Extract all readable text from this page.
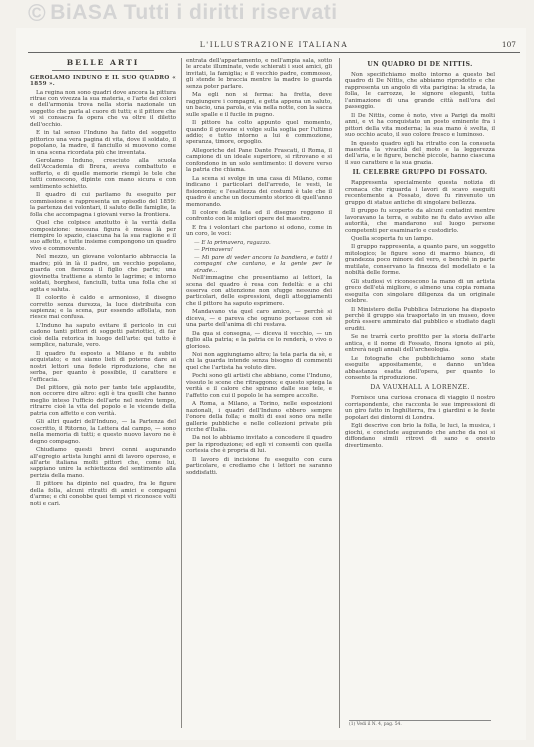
© BiASA Tutti i diritti riservati
L'ILLUSTRAZIONE ITALIANA	107
BELLE ARTI
GEROLAMO INDUNO E IL SUO QUADRO « 1859 ».
La regina non sono quadri dove ancora la pittura ritrae con vivezza la sua materia, e l'arte dei colori e dell'armonia trova nella storia nazionale un soggetto che parla al cuore di tutti; e il pittore che vi si consacra fa opera che va oltre il diletto dell'occhio.
E in tal senso l'Induno ha fatto del soggetto pittorico una vera pagina di vita, dove il soldato, il popolano, la madre, il fanciullo si muovono come in una scena ricordata più che inventata.
Gerolamo Induno, cresciuto alla scuola dell'Accademia di Brera, aveva combattuto e sofferto, e di quelle memorie riempì le tele che tutti conoscono, dipinte con mano sicura e con sentimento schietto.
Il quadro di cui parliamo fu eseguito per commissione e rappresenta un episodio del 1859: la partenza dei volontari, il saluto delle famiglie, la folla che accompagna i giovani verso la frontiera.
Quel che colpisce anzitutto è la verità della composizione: nessuna figura è messa là per riempire lo spazio, ciascuna ha la sua ragione e il suo affetto, e tutte insieme compongono un quadro vivo e commovente.
Nel mezzo, un giovane volontario abbraccia la madre; più in là il padre, un vecchio popolano, guarda con fierezza il figlio che parte; una giovinetta trattiene a stento le lagrime; e intorno soldati, borghesi, fanciulli, tutta una folla che si agita e saluta.
Il colorito è caldo e armonioso, il disegno corretto senza durezza, la luce distribuita con sapienza; e la scena, pur essendo affollata, non riesce mai confusa.
L'Induno ha saputo evitare il pericolo in cui cadono tanti pittori di soggetti patriottici, di far cioè della retorica in luogo dell'arte: qui tutto è semplice, naturale, vero.
Il quadro fu esposto a Milano e fu subito acquistato; e noi siamo lieti di poterne dare ai nostri lettori una fedele riproduzione, che ne serba, per quanto è possibile, il carattere e l'efficacia.
Del pittore, già noto per tante tele applaudite, non occorre dire altro: egli è tra quelli che hanno meglio inteso l'ufficio dell'arte nel nostro tempo, ritrarre cioè la vita del popolo e le vicende della patria con affetto e con verità.
Gli altri quadri dell'Induno, — la Partenza del coscritto, il Ritorno, la Lettera dal campo, — sono nella memoria di tutti; e questo nuovo lavoro ne è degno compagno.
Chiudiamo questi brevi cenni augurando all'egregio artista lunghi anni di lavoro operoso, e all'arte italiana molti pittori che, come lui, sappiano unire la schiettezza del sentimento alla perizia della mano.
Il pittore ha dipinto nel quadro, fra le figure della folla, alcuni ritratti di amici e compagni d'arme; e chi conobbe quei tempi vi riconosce volti noti e cari.
entrata dell'appartamento, e nell'ampia sala, sotto le arcate illuminate, vede schierati i suoi amici, gli invitati, la famiglia; e il vecchio padre, commosso, gli stende le braccia mentre la madre lo guarda senza poter parlare.
Ma egli non si ferma: ha fretta, deve raggiungere i compagni, e getta appena un saluto, un bacio, una parola, e via nella notte, con la sacca sulle spalle e il fucile in pugno.
Il pittore ha colto appunto quel momento, quando il giovane si volge sulla soglia per l'ultimo addio; e tutto intorno a lui è commozione, speranza, timore, orgoglio.
Allegoriche del Pane Dante Frascati, il Roma, il campione di un ideale superiore, si ritrovano e si confondono in un solo sentimento: il dovere verso la patria che chiama.
La scena si svolge in una casa di Milano, come indicano i particolari dell'arredo, le vesti, le fisionomie; e l'esattezza dei costumi è tale che il quadro è anche un documento storico di quell'anno memorando.
Il colore della tela ed il disegno reggono il confronto con le migliori opere del maestro.
E fra i volontari che partono si odono, come in un coro, le voci:
— E la primavera, ragazzo.
— Primavera!
— Mi pare di veder ancora la bandiera, e tutti i compagni che cantano, e la gente per le strade...
Nell'immagine che presentiamo ai lettori, la scena del quadro è resa con fedeltà: e a chi osserva con attenzione non sfugge nessuno dei particolari, delle espressioni, degli atteggiamenti che il pittore ha saputo esprimere.
Mandavano via quel caro amico, — perchè si diceva, — e pareva che ognuno portasse con sè una parte dell'anima di chi restava.
Da qua si consegna, — diceva il vecchio, — un figlio alla patria; e la patria ce lo renderà, o vivo o glorioso.
Noi non aggiungiamo altro; la tela parla da sè, e chi la guarda intende senza bisogno di commenti quel che l'artista ha voluto dire.
Pochi sono gli artisti che abbiano, come l'Induno, vissuto le scene che ritraggono; e questo spiega la verità e il calore che spirano dalle sue tele, e l'affetto con cui il popolo le ha sempre accolte.
A Roma, a Milano, a Torino, nelle esposizioni nazionali, i quadri dell'Induno ebbero sempre l'onore della folla; e molti di essi sono ora nelle gallerie pubbliche e nelle collezioni private più ricche d'Italia.
Da noi lo abbiamo invitato a concedere il quadro per la riproduzione; ed egli vi consentì con quella cortesia che è propria di lui.
Il lavoro di incisione fu eseguito con cura particolare, e crediamo che i lettori ne saranno soddisfatti.
UN QUADRO DI DE NITTIS.
Non specifichiamo molto intorno a questo bel quadro di De Nittis, che abbiamo riprodotto e che rappresenta un angolo di vita parigina: la strada, la folla, le carrozze, le signore eleganti, tutta l'animazione di una grande città nell'ora del passeggio.
Il De Nittis, come è noto, vive a Parigi da molti anni, e vi ha conquistato un posto eminente fra i pittori della vita moderna; la sua mano è svelta, il suo occhio acuto, il suo colore fresco e luminoso.
In questo quadro egli ha ritratto con la consueta maestria la vivacità del moto e la leggerezza dell'aria, e le figure, benchè piccole, hanno ciascuna il suo carattere e la sua grazia.
IL CELEBRE GRUPPO DI FOSSATO.
Rappresenta specialmente questa notizia di cronaca che riguarda i lavori di scavo eseguiti recentemente a Fossato, dove fu rinvenuto un gruppo di statue antiche di singolare bellezza.
Il gruppo fu scoperto da alcuni contadini mentre lavoravano la terra, e subito ne fu dato avviso alle autorità, che mandarono sul luogo persone competenti per esaminarlo e custodirlo.
Quella scoperta fu un lampo.
Il gruppo rappresenta, a quanto pare, un soggetto mitologico; le figure sono di marmo bianco, di grandezza poco minore del vero, e benchè in parte mutilate, conservano la finezza del modellato e la nobiltà delle forme.
Gli studiosi vi riconoscono la mano di un artista greco dell'età migliore, o almeno una copia romana eseguita con singolare diligenza da un originale celebre.
Il Ministero della Pubblica Istruzione ha disposto perchè il gruppo sia trasportato in un museo, dove potrà essere ammirato dal pubblico e studiato dagli eruditi.
Se ne trarrà certo profitto per la storia dell'arte antica, e il nome di Fossato, finora ignoto ai più, entrerà negli annali dell'archeologia.
Le fotografie che pubblichiamo sono state eseguite appositamente, e danno un'idea abbastanza esatta dell'opera, per quanto lo consente la riproduzione.
DA VAUXHALL A LORENZE.
Fornisce una curiosa cronaca di viaggio il nostro corrispondente, che racconta le sue impressioni di un giro fatto in Inghilterra, fra i giardini e le feste popolari dei dintorni di Londra.
Egli descrive con brio la folla, le luci, la musica, i giochi, e conclude augurando che anche da noi si diffondano simili ritrovi di sano e onesto divertimento.
(1) Vedi il N. 4, pag. 54.
